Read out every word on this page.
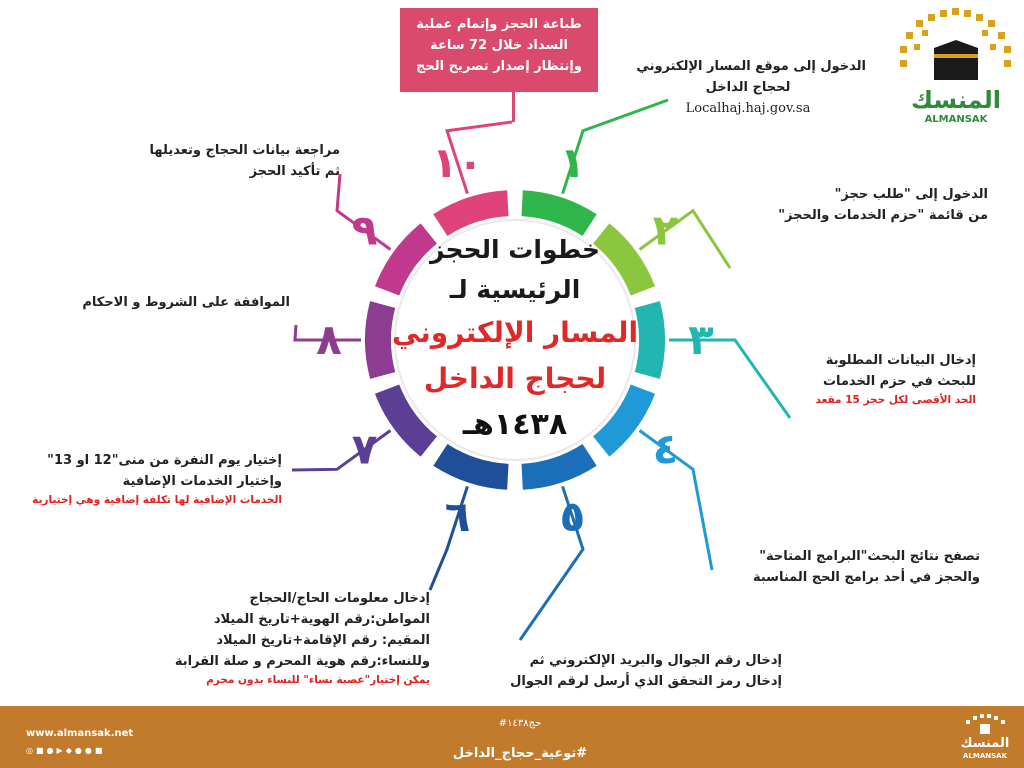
١
٢
٣
٤
٥
٦
٧
٨
٩
١٠
طباعة الحجز وإتمام عملية
السداد خلال 72 ساعة
وإنتظار إصدار تصريح الحج
خطوات الحجز
الرئيسية لـ
المسار الإلكتروني
لحجاج الداخل
١٤٣٨هـ
المنسك
ALMANSAK
الدخول إلى موقع المسار الإلكتروني
لحجاج الداخل
Localhaj.haj.gov.sa
الدخول إلى "طلب حجز"
من قائمة "حزم الخدمات والحجز"
إدخال البيانات المطلوبة
للبحث في حزم الخدمات
الحد الأقصى لكل حجز 15 مقعد
تصفح نتائج البحث"البرامج المتاحة"
والحجز في أحد برامج الحج المناسبة
إدخال رقم الجوال والبريد الإلكتروني ثم
إدخال رمز التحقق الذي أرسل لرقم الجوال
إدخال معلومات الحاج/الحجاج
المواطن:رقم الهوية+تاريخ الميلاد
المقيم: رقم الإقامة+تاريخ الميلاد
وللنساء:رقم هوية المحرم و صلة القرابة
يمكن إختيار"عصبة نساء" للنساء بدون محرم
إختيار يوم النفرة من منى"12 او 13"
وإختيار الخدمات الإضافية
الخدمات الإضافية لها تكلفة إضافية وهي إختيارية
الموافقة على الشروط و الاحكام
مراجعة بيانات الحجاج وتعديلها
ثم تأكيد الحجز
www.almansak.net
◎■●▶◆●●■
#حج١٤٣٨
#توعية_حجاج_الداخل
المنسك
ALMANSAK
